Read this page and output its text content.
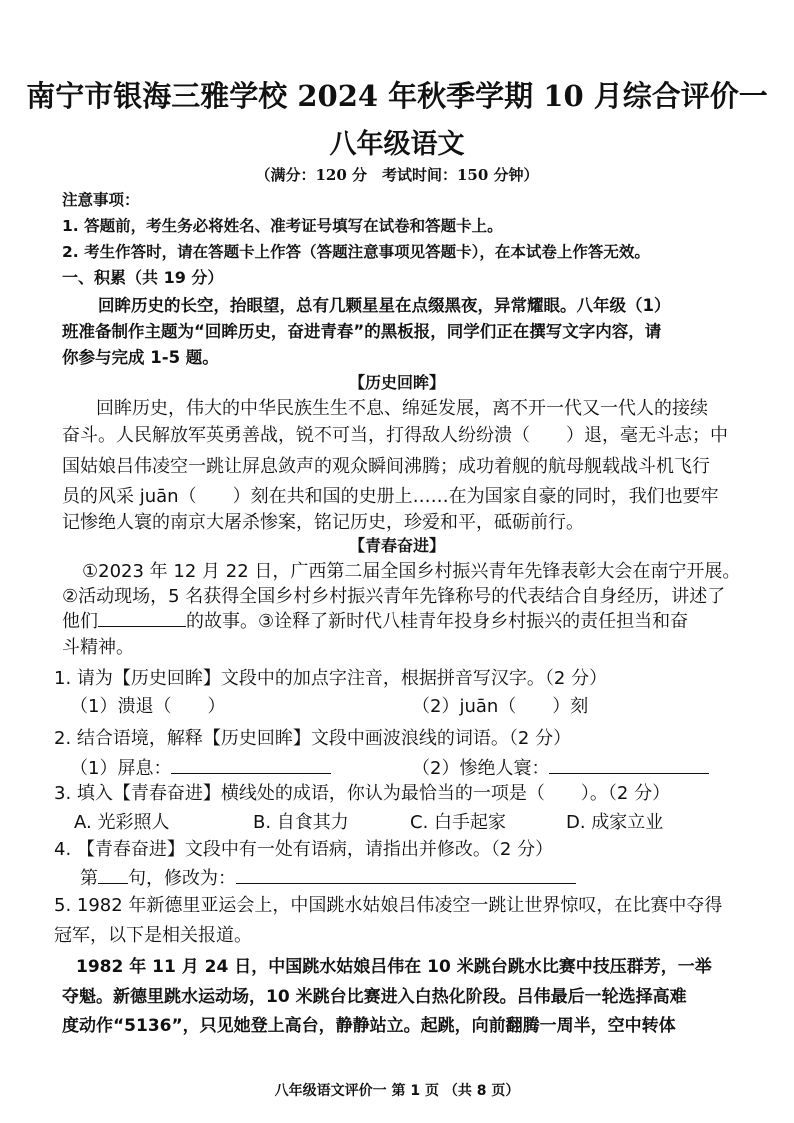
南宁市银海三雅学校 2024 年秋季学期 10 月综合评价一
八年级语文
（满分：120 分　考试时间：150 分钟）
注意事项：
1. 答题前，考生务必将姓名、准考证号填写在试卷和答题卡上。
2. 考生作答时，请在答题卡上作答（答题注意事项见答题卡），在本试卷上作答无效。
一、积累（共 19 分）
回眸历史的长空，抬眼望，总有几颗星星在点缀黑夜，异常耀眼。八年级（1）
班准备制作主题为“回眸历史，奋进青春”的黑板报，同学们正在撰写文字内容，请
你参与完成 1-5 题。
【历史回眸】
回眸历史，伟大的中华民族生生不息、绵延发展，离不开一代又一代人的接续
奋斗。人民解放军英勇善战，锐不可当，打得敌人纷纷溃（　　）退，毫无斗志；中
国姑娘吕伟凌空一跳让屏息敛声的观众瞬间沸腾；成功着舰的航母舰载战斗机飞行
员的风采 juān（　　）刻在共和国的史册上……在为国家自豪的同时，我们也要牢
记惨绝人寰的南京大屠杀惨案，铭记历史，珍爱和平，砥砺前行。
【青春奋进】
①2023 年 12 月 22 日，广西第二届全国乡村振兴青年先锋表彰大会在南宁开展。
②活动现场，5 名获得全国乡村乡村振兴青年先锋称号的代表结合自身经历，讲述了
他们	的故事。③诠释了新时代八桂青年投身乡村振兴的责任担当和奋
斗精神。
1. 请为【历史回眸】文段中的加点字注音，根据拼音写汉字。（2 分）
（1）溃退（　　）	（2）juān（　　）刻
2. 结合语境，解释【历史回眸】文段中画波浪线的词语。（2 分）
（1）屏息：	（2）惨绝人寰：
3. 填入【青春奋进】横线处的成语，你认为最恰当的一项是（　　）。（2 分）
A. 光彩照人	B. 自食其力	C. 白手起家	D. 成家立业
4. 【青春奋进】文段中有一处有语病，请指出并修改。（2 分）
第 句，修改为：
5. 1982 年新德里亚运会上，中国跳水姑娘吕伟凌空一跳让世界惊叹，在比赛中夺得
冠军，以下是相关报道。
1982 年 11 月 24 日，中国跳水姑娘吕伟在 10 米跳台跳水比赛中技压群芳，一举
夺魁。新德里跳水运动场，10 米跳台比赛进入白热化阶段。吕伟最后一轮选择高难
度动作“5136”，只见她登上高台，静静站立。起跳，向前翻腾一周半，空中转体
八年级语文评价一 第 1 页 （共 8 页）
